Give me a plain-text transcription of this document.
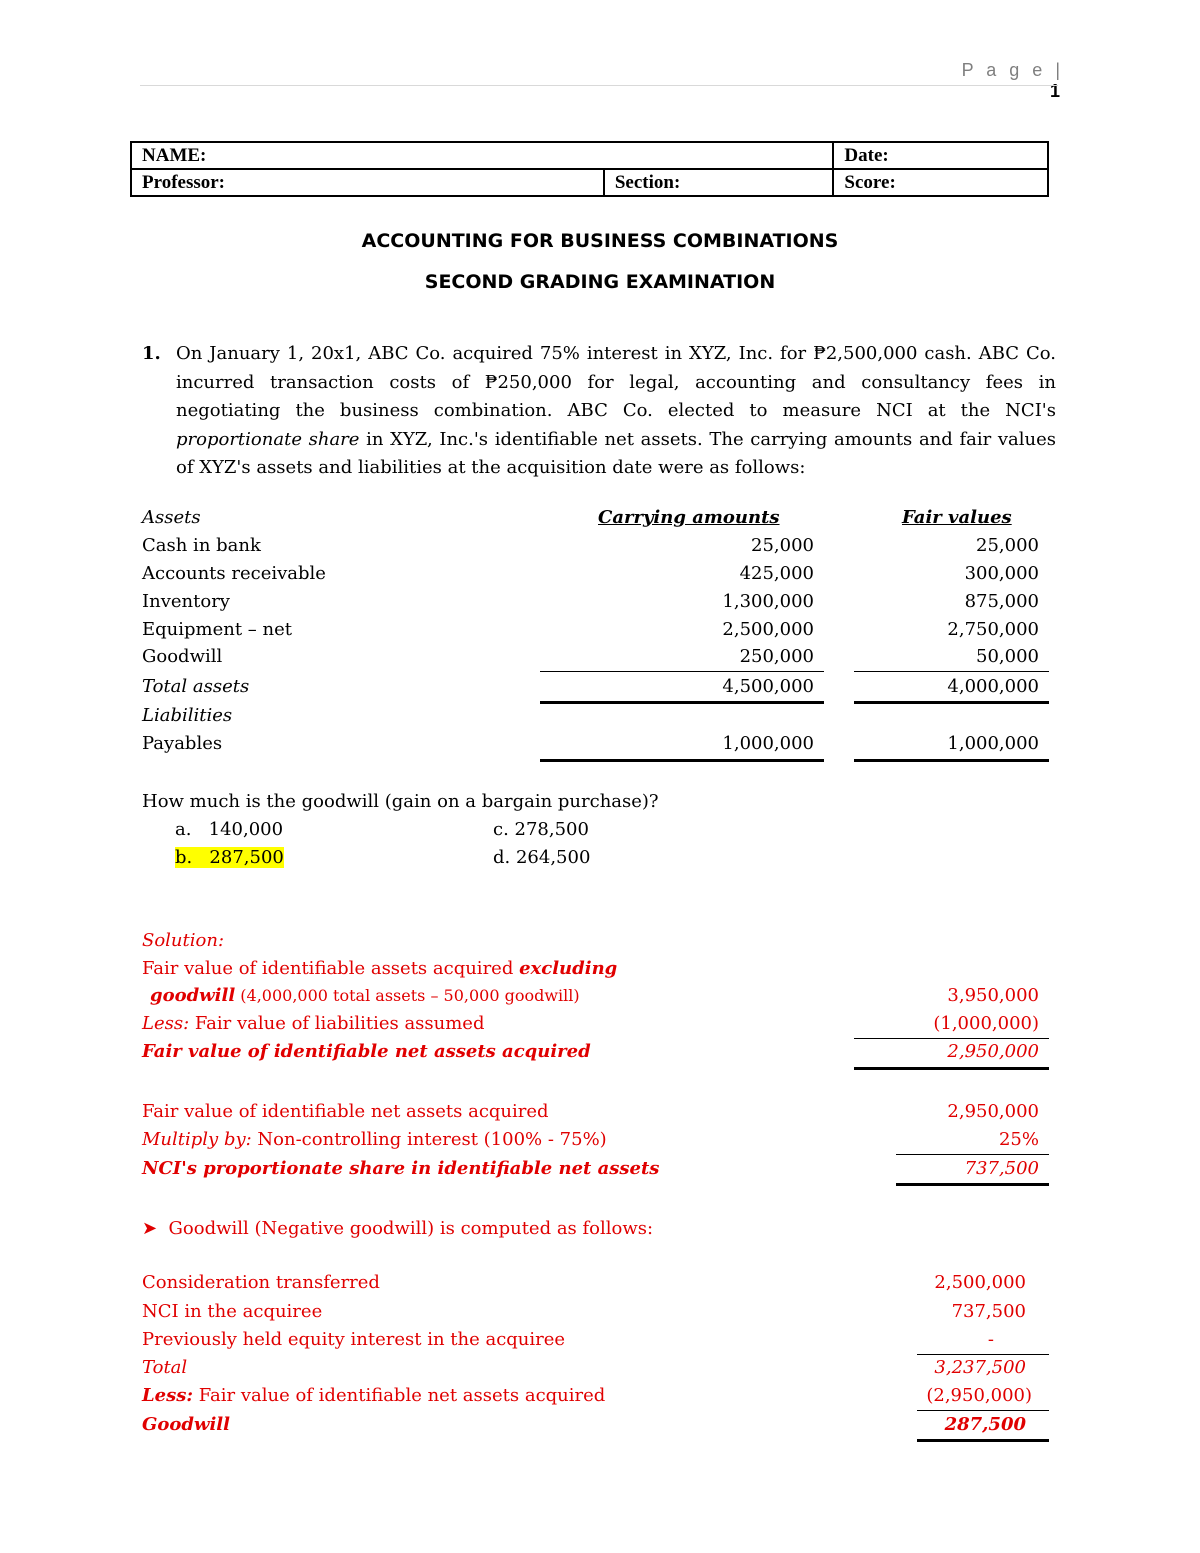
P a g e | 1
NAME:		Date:
Professor:	Section:	Score:
ACCOUNTING FOR BUSINESS COMBINATIONS
SECOND GRADING EXAMINATION
1. On January 1, 20x1, ABC Co. acquired 75% interest in XYZ, Inc. for ₱2,500,000 cash. ABC Co. incurred transaction costs of ₱250,000 for legal, accounting and consultancy fees in negotiating the business combination. ABC Co. elected to measure NCI at the NCI's proportionate share in XYZ, Inc.'s identifiable net assets. The carrying amounts and fair values of XYZ's assets and liabilities at the acquisition date were as follows:
Assets	Carrying amounts	Fair values
Cash in bank	25,000	25,000
Accounts receivable	425,000	300,000
Inventory	1,300,000	875,000
Equipment – net	2,500,000	2,750,000
Goodwill	250,000	50,000
Total assets	4,500,000	4,000,000
Liabilities
Payables	1,000,000	1,000,000
How much is the goodwill (gain on a bargain purchase)?
a. 140,000	c. 278,500
b. 287,500	d. 264,500
Solution:
Fair value of identifiable assets acquired excluding
goodwill (4,000,000 total assets – 50,000 goodwill)	3,950,000
Less: Fair value of liabilities assumed	(1,000,000)
Fair value of identifiable net assets acquired	2,950,000
Fair value of identifiable net assets acquired	2,950,000
Multiply by: Non-controlling interest (100% - 75%)	25%
NCI's proportionate share in identifiable net assets	737,500
➤ Goodwill (Negative goodwill) is computed as follows:
Consideration transferred	2,500,000
NCI in the acquiree	737,500
Previously held equity interest in the acquiree	-
Total	3,237,500
Less: Fair value of identifiable net assets acquired	(2,950,000)
Goodwill	287,500
